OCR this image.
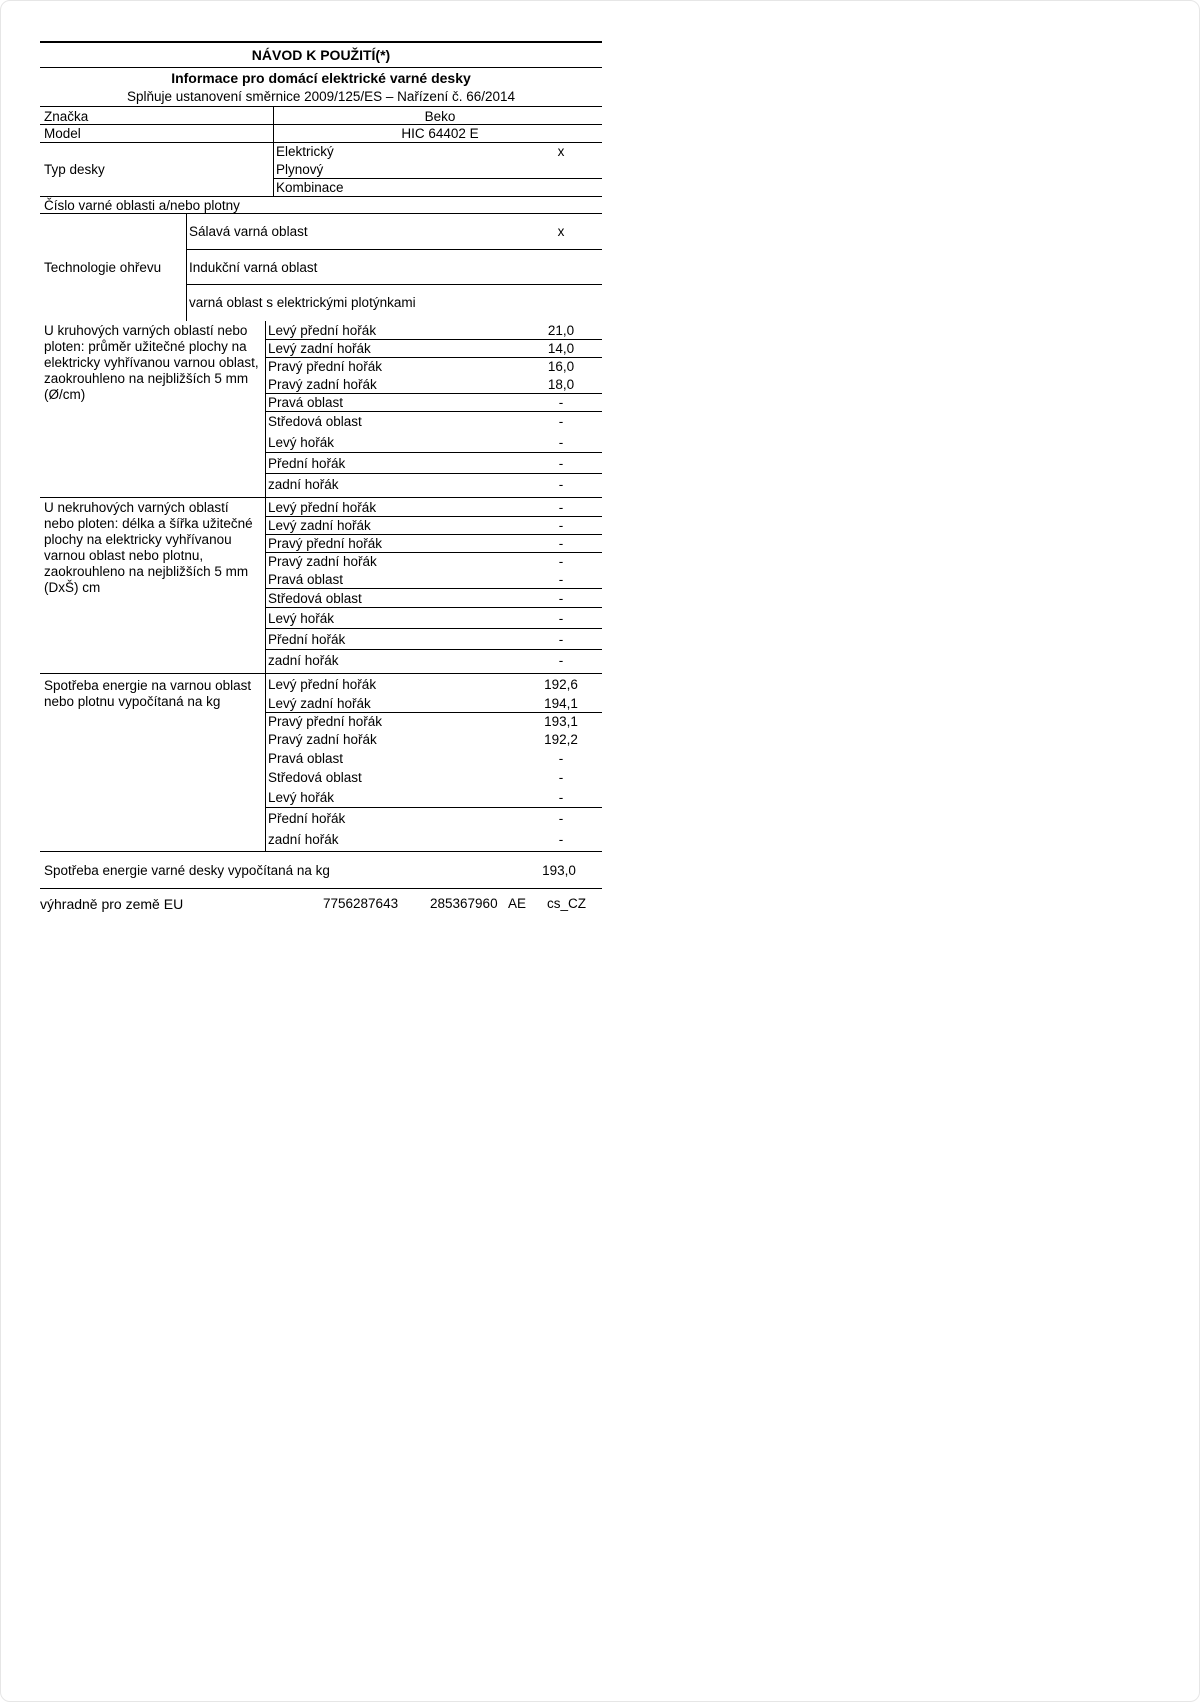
NÁVOD K POUŽITÍ(*)
Informace pro domácí elektrické varné desky
Splňuje ustanovení směrnice 2009/125/ES – Nařízení č. 66/2014
Značka	Beko
Model	HIC 64402 E
Typ desky
Elektrický	x
Plynový
Kombinace
Číslo varné oblasti a/nebo plotny
Technologie ohřevu
Sálavá varná oblast	x
Indukční varná oblast
varná oblast s elektrickými plotýnkami
U kruhových varných oblastí nebo ploten: průměr užitečné plochy na elektricky vyhřívanou varnou oblast, zaokrouhleno na nejbližších 5 mm (Ø/cm)
Levý přední hořák	21,0
Levý zadní hořák	14,0
Pravý přední hořák	16,0
Pravý zadní hořák	18,0
Pravá oblast	-
Středová oblast	-
Levý hořák	-
Přední hořák	-
zadní hořák	-
U nekruhových varných oblastí nebo ploten: délka a šířka užitečné plochy na elektricky vyhřívanou varnou oblast nebo plotnu, zaokrouhleno na nejbližších 5 mm (DxŠ) cm
Levý přední hořák	-
Levý zadní hořák	-
Pravý přední hořák	-
Pravý zadní hořák	-
Pravá oblast	-
Středová oblast	-
Levý hořák	-
Přední hořák	-
zadní hořák	-
Spotřeba energie na varnou oblast nebo plotnu vypočítaná na kg
Levý přední hořák	192,6
Levý zadní hořák	194,1
Pravý přední hořák	193,1
Pravý zadní hořák	192,2
Pravá oblast	-
Středová oblast	-
Levý hořák	-
Přední hořák	-
zadní hořák	-
Spotřeba energie varné desky vypočítaná na kg	193,0
výhradně pro země EU	7756287643	285367960 AE	cs_CZ
